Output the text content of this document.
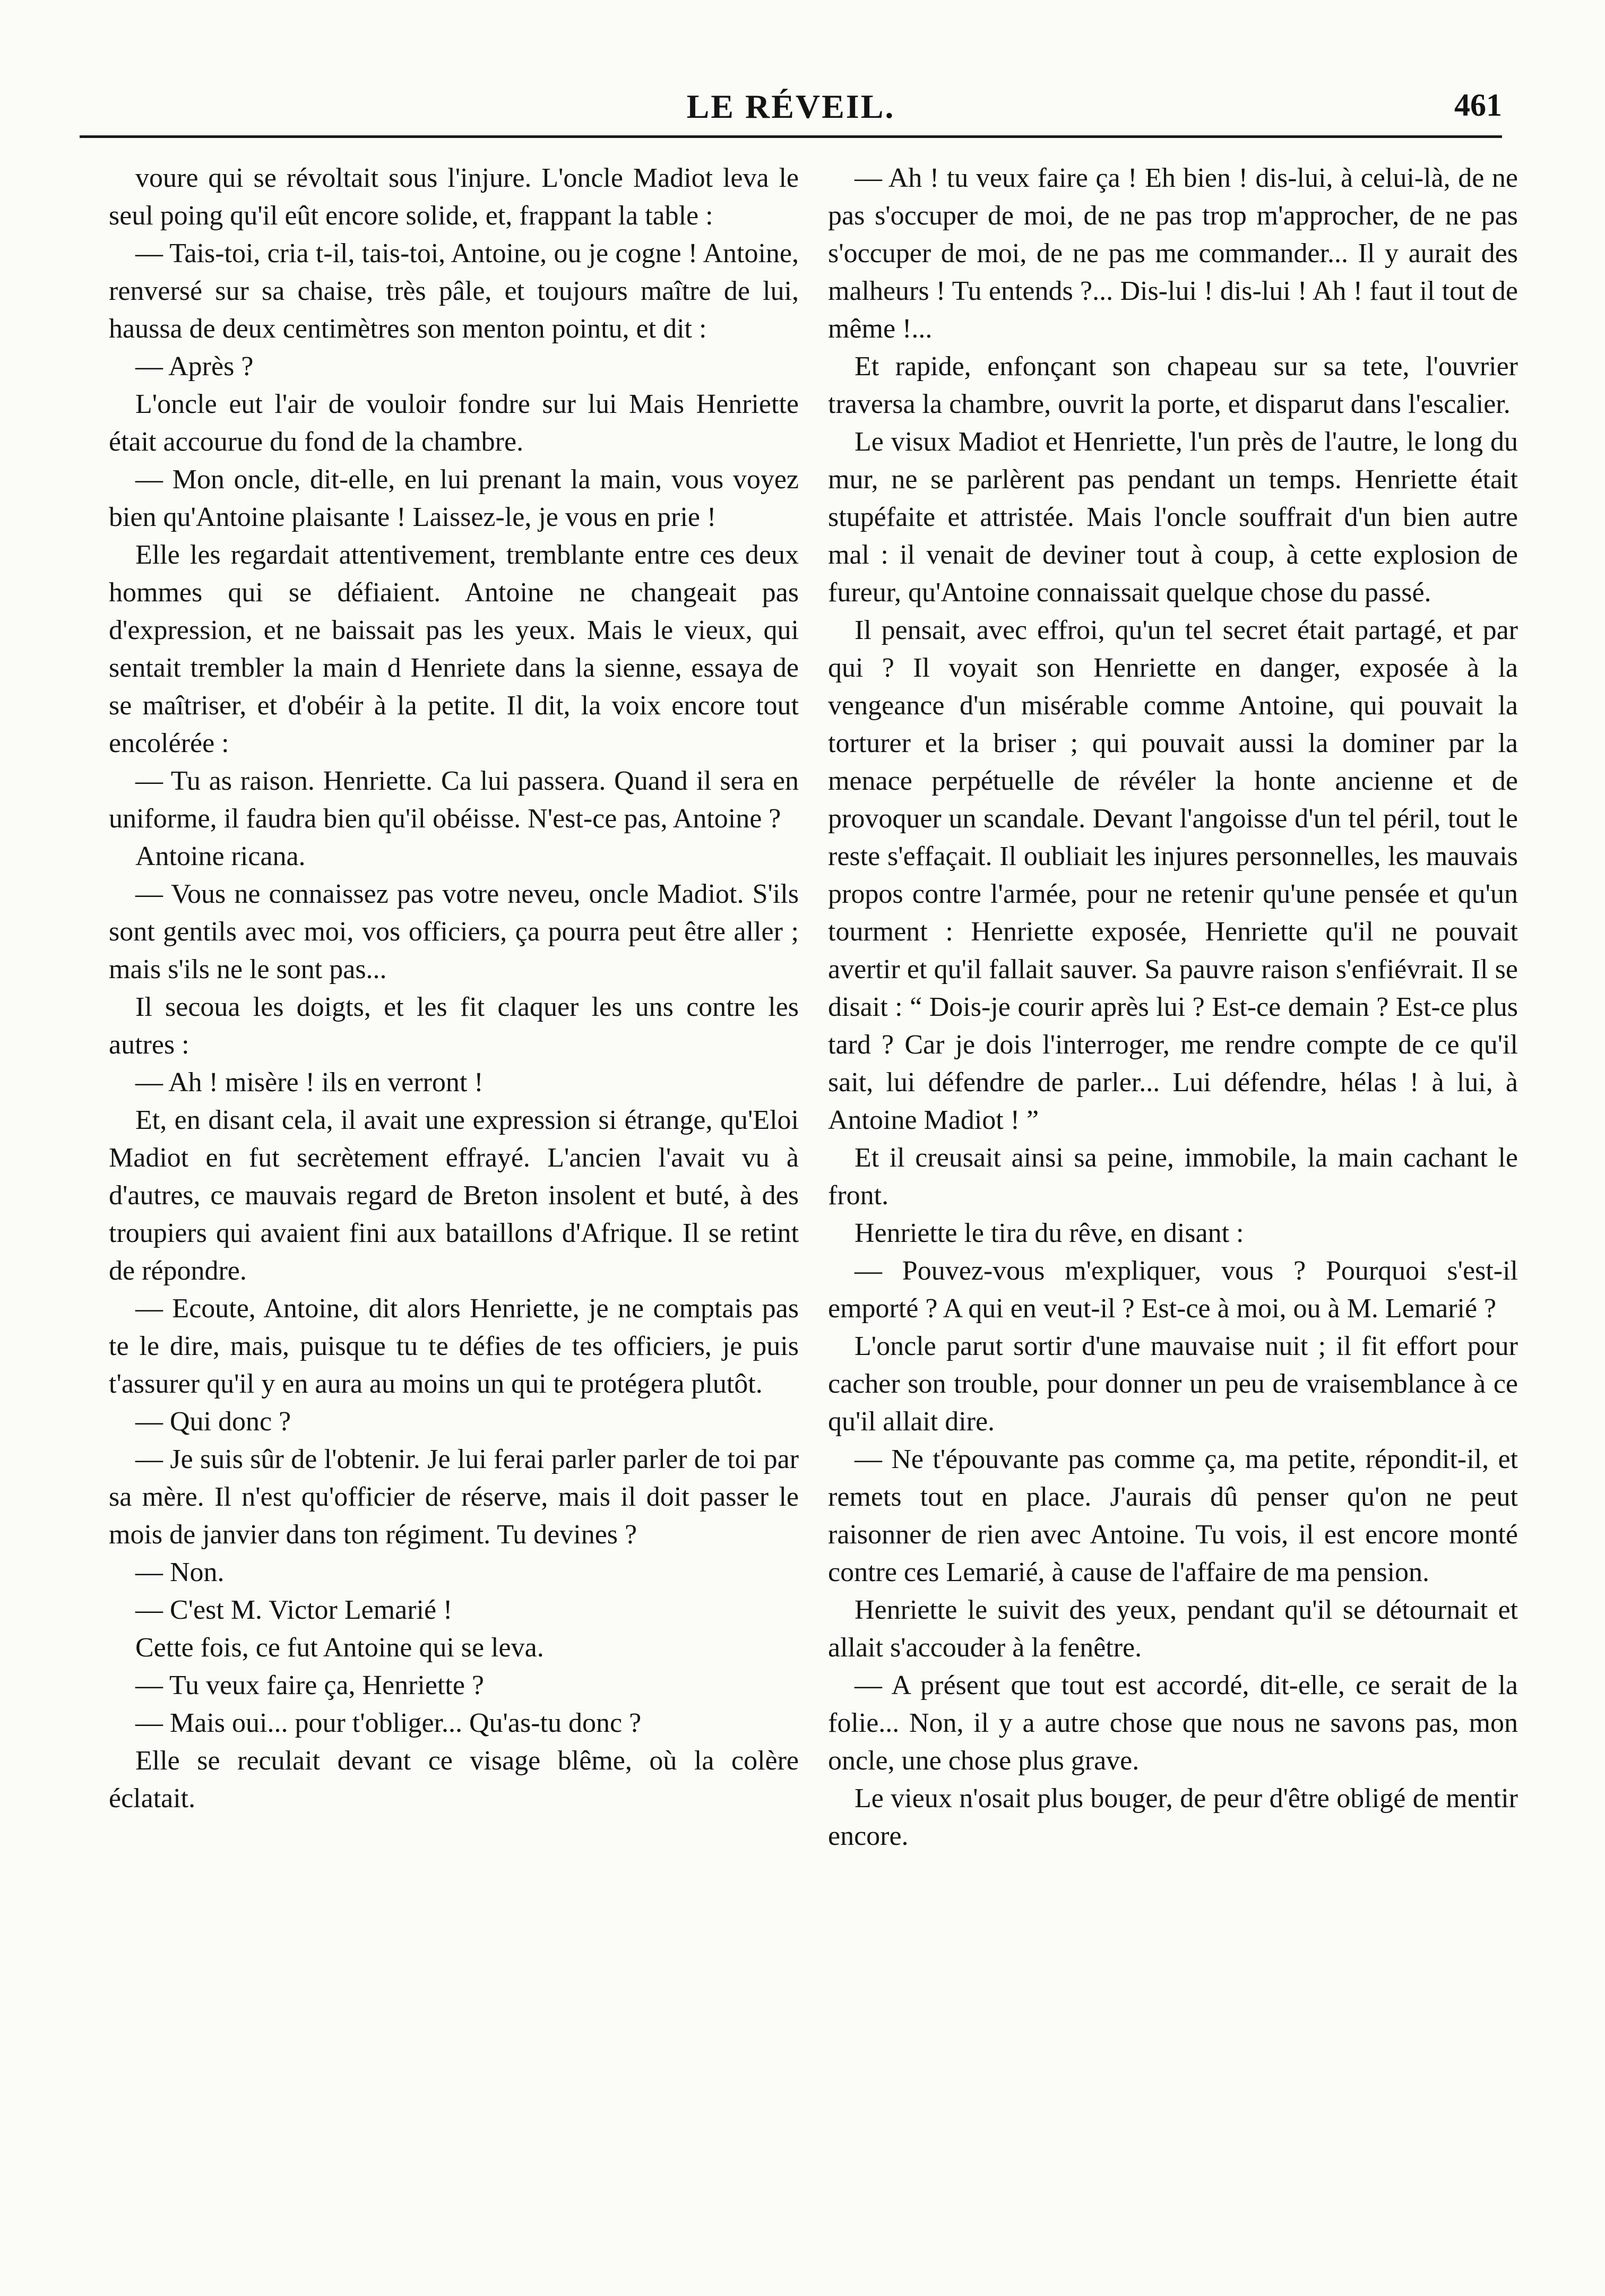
LE RÉVEIL.	461

voure qui se révoltait sous l'injure. L'oncle Madiot leva le seul poing qu'il eût encore solide, et, frappant la table :

— Tais-toi, cria t-il, tais-toi, Antoine, ou je cogne ! Antoine, renversé sur sa chaise, très pâle, et toujours maître de lui, haussa de deux centimètres son menton pointu, et dit :

— Après ?

L'oncle eut l'air de vouloir fondre sur lui Mais Henriette était accourue du fond de la chambre.

— Mon oncle, dit-elle, en lui prenant la main, vous voyez bien qu'Antoine plaisante ! Laissez-le, je vous en prie !

Elle les regardait attentivement, tremblante entre ces deux hommes qui se défiaient. Antoine ne changeait pas d'expression, et ne baissait pas les yeux. Mais le vieux, qui sentait trembler la main d Henriete dans la sienne, essaya de se maîtriser, et d'obéir à la petite. Il dit, la voix encore tout encolérée :

— Tu as raison. Henriette. Ca lui passera. Quand il sera en uniforme, il faudra bien qu'il obéisse. N'est-ce pas, Antoine ?

Antoine ricana.

— Vous ne connaissez pas votre neveu, oncle Madiot. S'ils sont gentils avec moi, vos officiers, ça pourra peut être aller ; mais s'ils ne le sont pas...

Il secoua les doigts, et les fit claquer les uns contre les autres :

— Ah ! misère ! ils en verront !

Et, en disant cela, il avait une expression si étrange, qu'Eloi Madiot en fut secrètement effrayé. L'ancien l'avait vu à d'autres, ce mauvais regard de Breton insolent et buté, à des troupiers qui avaient fini aux bataillons d'Afrique. Il se retint de répondre.

— Ecoute, Antoine, dit alors Henriette, je ne comptais pas te le dire, mais, puisque tu te défies de tes officiers, je puis t'assurer qu'il y en aura au moins un qui te protégera plutôt.

— Qui donc ?

— Je suis sûr de l'obtenir. Je lui ferai parler parler de toi par sa mère. Il n'est qu'officier de réserve, mais il doit passer le mois de janvier dans ton régiment. Tu devines ?

— Non.

— C'est M. Victor Lemarié !

Cette fois, ce fut Antoine qui se leva.

— Tu veux faire ça, Henriette ?

— Mais oui... pour t'obliger... Qu'as-tu donc ?

Elle se reculait devant ce visage blême, où la colère éclatait.

— Ah ! tu veux faire ça ! Eh bien ! dis-lui, à celui-là, de ne pas s'occuper de moi, de ne pas trop m'approcher, de ne pas s'occuper de moi, de ne pas me commander... Il y aurait des malheurs ! Tu entends ?... Dis-lui ! dis-lui ! Ah ! faut il tout de même !...

Et rapide, enfonçant son chapeau sur sa tete, l'ouvrier traversa la chambre, ouvrit la porte, et disparut dans l'escalier.

Le visux Madiot et Henriette, l'un près de l'autre, le long du mur, ne se parlèrent pas pendant un temps. Henriette était stupéfaite et attristée. Mais l'oncle souffrait d'un bien autre mal : il venait de deviner tout à coup, à cette explosion de fureur, qu'Antoine connaissait quelque chose du passé.

Il pensait, avec effroi, qu'un tel secret était partagé, et par qui ? Il voyait son Henriette en danger, exposée à la vengeance d'un misérable comme Antoine, qui pouvait la torturer et la briser ; qui pouvait aussi la dominer par la menace perpétuelle de révéler la honte ancienne et de provoquer un scandale. Devant l'angoisse d'un tel péril, tout le reste s'effaçait. Il oubliait les injures personnelles, les mauvais propos contre l'armée, pour ne retenir qu'une pensée et qu'un tourment : Henriette exposée, Henriette qu'il ne pouvait avertir et qu'il fallait sauver. Sa pauvre raison s'enfiévrait. Il se disait : “ Dois-je courir après lui ? Est-ce demain ? Est-ce plus tard ? Car je dois l'interroger, me rendre compte de ce qu'il sait, lui défendre de parler... Lui défendre, hélas ! à lui, à Antoine Madiot ! ”

Et il creusait ainsi sa peine, immobile, la main cachant le front.

Henriette le tira du rêve, en disant :

— Pouvez-vous m'expliquer, vous ? Pourquoi s'est-il emporté ? A qui en veut-il ? Est-ce à moi, ou à M. Lemarié ?

L'oncle parut sortir d'une mauvaise nuit ; il fit effort pour cacher son trouble, pour donner un peu de vraisemblance à ce qu'il allait dire.

— Ne t'épouvante pas comme ça, ma petite, répondit-il, et remets tout en place. J'aurais dû penser qu'on ne peut raisonner de rien avec Antoine. Tu vois, il est encore monté contre ces Lemarié, à cause de l'affaire de ma pension.

Henriette le suivit des yeux, pendant qu'il se détournait et allait s'accouder à la fenêtre.

— A présent que tout est accordé, dit-elle, ce serait de la folie... Non, il y a autre chose que nous ne savons pas, mon oncle, une chose plus grave.

Le vieux n'osait plus bouger, de peur d'être obligé de mentir encore.
